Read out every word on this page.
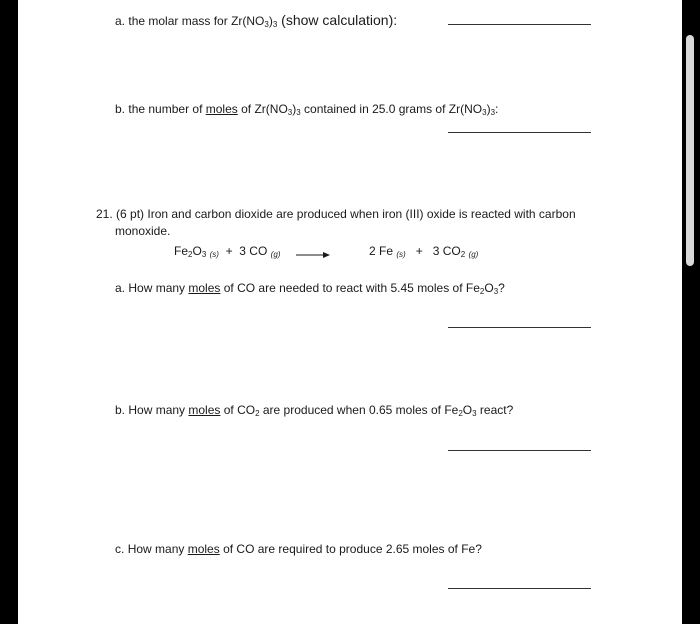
a. the molar mass for $Zr(NO_3)_3$ (show calculation):
b. the number of moles of $Zr(NO_3)_3$ contained in 25.0 grams of $Zr(NO_3)_3$:
21. (6 pt) Iron and carbon dioxide are produced when iron (III) oxide is reacted with carbon
monoxide.
$Fe_2O_3$ (s) + 3 CO (g) →	2 Fe (s) + 3 $CO_2$ (g)
a. How many moles of CO are needed to react with 5.45 moles of $Fe_2O_3$?
b. How many moles of $CO_2$ are produced when 0.65 moles of $Fe_2O_3$ react?
c. How many moles of CO are required to produce 2.65 moles of Fe?
